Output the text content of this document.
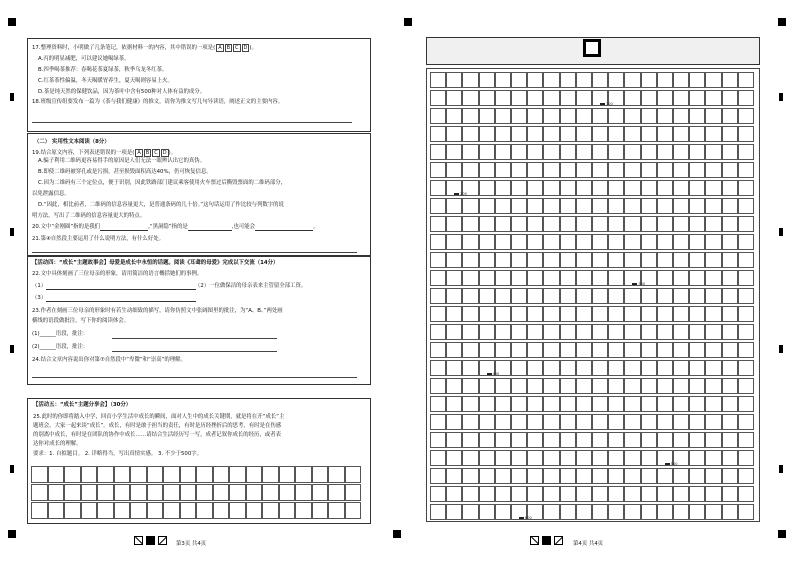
17.整理资料时，小明做了几条笔记，依据材料一的内容，其中错误的一项是( A B C D )。
A.丙的明显减肥，可以建议她喝绿茶。
B.四季喝茶推荐：春喝花茶夏绿茶，秋季乌龙冬红茶。
C.红茶茶性偏温，冬天喝暖胃养生，夏天喝则容易上火。
D.茶是纯天然的保健饮品，因为茶叶中含有500种对人体有益的成分。
18.班级宣传组要发布一篇为《茶与我们健康》的推文，请你为推文写几句导读语，阐述正文的主要内容。
（二） 实用性文本阅读（8分）
19.结合原文内容，下列表述错误的一项是( A B C D )。
A.骗子利用二维码更容易得手的原因是人们无法一眼辨认出它的真伪。
B.即使二维码被穿孔或是污损，甚至损毁面积高达40%，仍可恢复信息。
C.因为二维码有三个定位点，便于识别，因此铁路部门建议乘客使用火车票过后撕毁票面的二维码部分，
以免泄露信息。
D.“因此，相比前者，二维码的信息容量更大，是普通条码的几十倍。”这句话运用了作比较与列数字的说
明方法，写出了二维码的信息容量更大的特点。
20.文中“金刚圈”指的是我们	,“黑洞隐”指的是	,也可能会	。
21.第④自然段主要运用了什么说明方法，有什么好处。
【活动四：“成长”主题故事会】母爱是成长中永恒的话题。阅读《耳聋的母爱》完成以下交流（14分）
22.文中具体刻画了三位母亲的形象，请用简洁的语言概括她们的事例。
（1）	（2）一位做保洁的母亲表来主管留全部工资。
（3）
23.作者在刻画三位母亲的形象时有若生动细致的描写，请你仿照文中张阔图里的批注，为“A、B、”两处画
横线的语段做批注，写下你的阅读体会。
(1)______语段，批注：
(2)______语段，批注：
24.结合文章内容说出你对第⑦自然段中“卑微”和“崇高”的理解。
【活动五：“成长”主题分享会】（30分）
25.此时的你即将踏入中学，回首小学生活中成长的瞬间，面对人生中的成长关键期，就是将在开“成长”主
题班会，大家一起来谈“成长”。成长，有时是敢于担当的责任，有时是历经挫折后的思考，有时是在伤感
的别离中成长，有时是在团队的协作中成长……请结合生活经历写一写，成者记叙你成长的经历，或者表
达你对成长的理解。
要求：1. 自拟题目。 2. 详略得当，写出真情实感。 3. 不少于500字。
第3页 共4页
100
200
300
400
500
600
第4页 共4页
